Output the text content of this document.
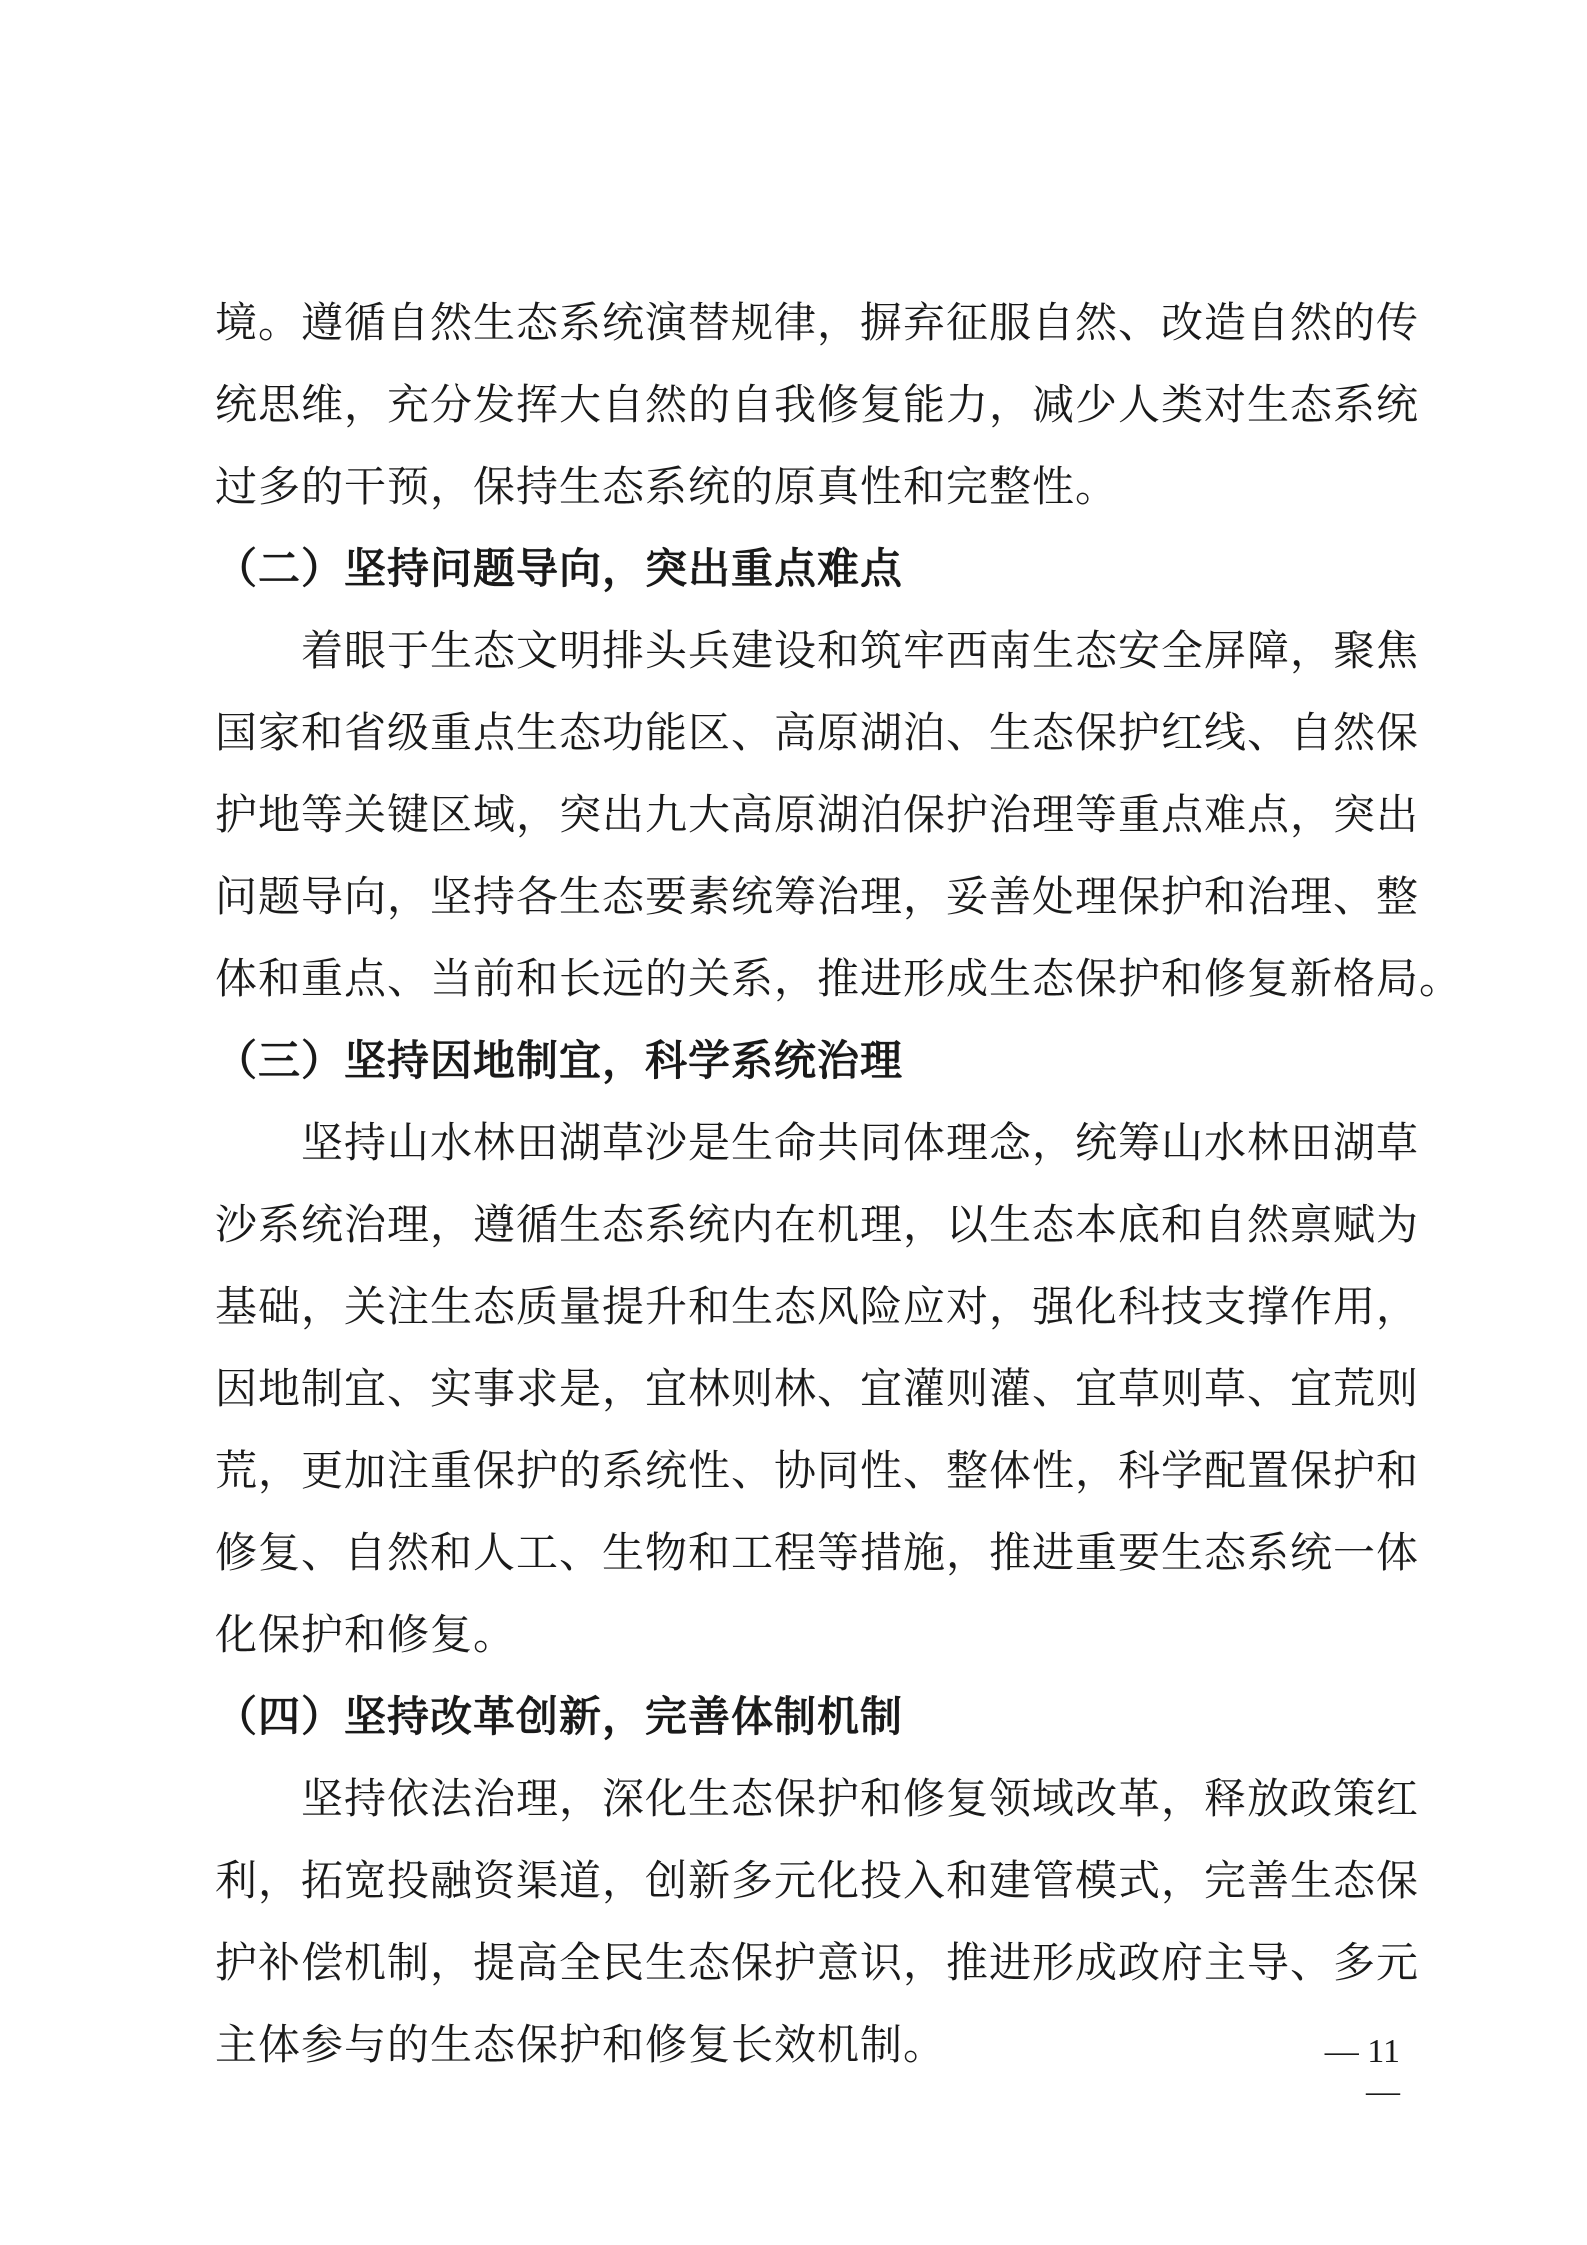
境。遵循自然生态系统演替规律，摒弃征服自然、改造自然的传
统思维，充分发挥大自然的自我修复能力，减少人类对生态系统
过多的干预，保持生态系统的原真性和完整性。
（二）坚持问题导向，突出重点难点
着眼于生态文明排头兵建设和筑牢西南生态安全屏障，聚焦
国家和省级重点生态功能区、高原湖泊、生态保护红线、自然保
护地等关键区域，突出九大高原湖泊保护治理等重点难点，突出
问题导向，坚持各生态要素统筹治理，妥善处理保护和治理、整
体和重点、当前和长远的关系，推进形成生态保护和修复新格局。
（三）坚持因地制宜，科学系统治理
坚持山水林田湖草沙是生命共同体理念，统筹山水林田湖草
沙系统治理，遵循生态系统内在机理，以生态本底和自然禀赋为
基础，关注生态质量提升和生态风险应对，强化科技支撑作用，
因地制宜、实事求是，宜林则林、宜灌则灌、宜草则草、宜荒则
荒，更加注重保护的系统性、协同性、整体性，科学配置保护和
修复、自然和人工、生物和工程等措施，推进重要生态系统一体
化保护和修复。
（四）坚持改革创新，完善体制机制
坚持依法治理，深化生态保护和修复领域改革，释放政策红
利，拓宽投融资渠道，创新多元化投入和建管模式，完善生态保
护补偿机制，提高全民生态保护意识，推进形成政府主导、多元
主体参与的生态保护和修复长效机制。	— 11 —
